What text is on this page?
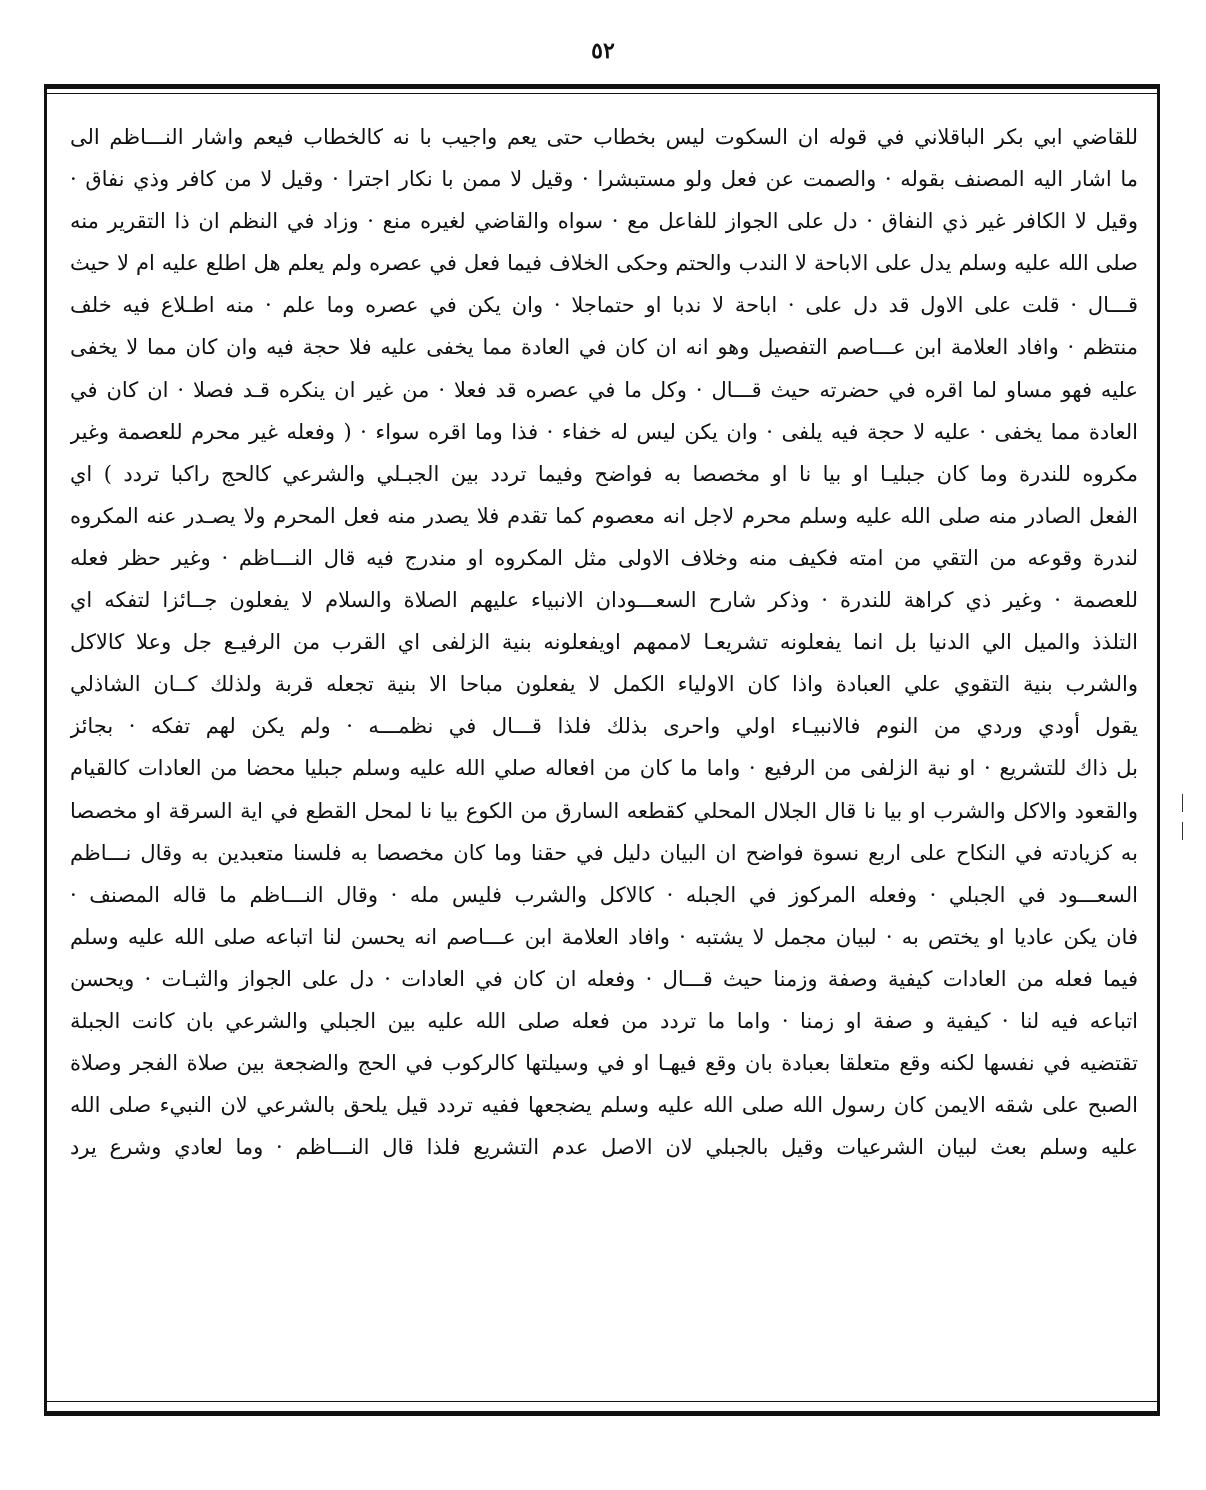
٥٢
للقاضي ابي بكر الباقلاني في قوله ان السكوت ليس بخطاب حتى يعم واجيب با نه كالخطاب فيعم واشار النـــاظم الى
ما اشار اليه المصنف بقوله · والصمت عن فعل ولو مستبشرا · وقيل لا ممن با نكار اجترا · وقيل لا من كافر وذي نفاق ·
وقيل لا الكافر غير ذي النفاق · دل على الجواز للفاعل مع · سواه والقاضي لغيره منع · وزاد في النظم ان ذا التقرير منه
صلى الله عليه وسلم يدل على الاباحة لا الندب والحتم وحكى الخلاف فيما فعل في عصره ولم يعلم هل اطلع عليه ام لا حيث
قـــال · قلت على الاول قد دل على · اباحة لا ندبا او حتماجلا · وان يكن في عصره وما علم · منه اطـلاع فيه خلف
منتظم · وافاد العلامة ابن عـــاصم التفصيل وهو انه ان كان في العادة مما يخفى عليه فلا حجة فيه وان كان مما لا يخفى
عليه فهو مساو لما اقره في حضرته حيث قـــال · وكل ما في عصره قد فعلا · من غير ان ينكره قـد فصلا · ان كان في
العادة مما يخفى · عليه لا حجة فيه يلفى · وان يكن ليس له خفاء · فذا وما اقره سواء · ( وفعله غير محرم للعصمة وغير
مكروه للندرة وما كان جبليـا او بيا نا او مخصصا به فواضح وفيما تردد بين الجبـلي والشرعي كالحج راكبا تردد ) اي
الفعل الصادر منه صلى الله عليه وسلم محرم لاجل انه معصوم كما تقدم فلا يصدر منه فعل المحرم ولا يصـدر عنه المكروه
لندرة وقوعه من التقي من امته فكيف منه وخلاف الاولى مثل المكروه او مندرج فيه قال النـــاظم · وغير حظر فعله
للعصمة · وغير ذي كراهة للندرة · وذكر شارح السعـــودان الانبياء عليهم الصلاة والسلام لا يفعلون جــائزا لتفكه اي
التلذذ والميل الي الدنيا بل انما يفعلونه تشريعـا لاممهم اويفعلونه بنية الزلفى اي القرب من الرفيـع جل وعلا كالاكل
والشرب بنية التقوي علي العبادة واذا كان الاولياء الكمل لا يفعلون مباحا الا بنية تجعله قربة ولذلك كــان الشاذلي
يقول أودي وردي من النوم فالانبيـاء اولي واحرى بذلك فلذا قـــال في نظمـــه · ولم يكن لهم تفكه · بجائز
بل ذاك للتشريع · او نية الزلفى من الرفيع · واما ما كان من افعاله صلي الله عليه وسلم جبليا محضا من العادات كالقيام
والقعود والاكل والشرب او بيا نا قال الجلال المحلي كقطعه السارق من الكوع بيا نا لمحل القطع في اية السرقة او مخصصا
به كزيادته في النكاح على اربع نسوة فواضح ان البيان دليل في حقنا وما كان مخصصا به فلسنا متعبدين به وقال نـــاظم
السعـــود في الجبلي · وفعله المركوز في الجبله · كالاكل والشرب فليس مله · وقال النـــاظم ما قاله المصنف ·
فان يكن عاديا او يختص به · لبيان مجمل لا يشتبه · وافاد العلامة ابن عـــاصم انه يحسن لنا اتباعه صلى الله عليه وسلم
فيما فعله من العادات كيفية وصفة وزمنا حيث قـــال · وفعله ان كان في العادات · دل على الجواز والثبـات · ويحسن
اتباعه فيه لنا · كيفية و صفة او زمنا · واما ما تردد من فعله صلى الله عليه بين الجبلي والشرعي بان كانت الجبلة
تقتضيه في نفسها لكنه وقع متعلقا بعبادة بان وقع فيهـا او في وسيلتها كالركوب في الحج والضجعة بين صلاة الفجر وصلاة
الصبح على شقه الايمن كان رسول الله صلى الله عليه وسلم يضجعها ففيه تردد قيل يلحق بالشرعي لان النبيء صلى الله
عليه وسلم بعث لبيان الشرعيات وقيل بالجبلي لان الاصل عدم التشريع فلذا قال النـــاظم · وما لعادي وشرع يرد
